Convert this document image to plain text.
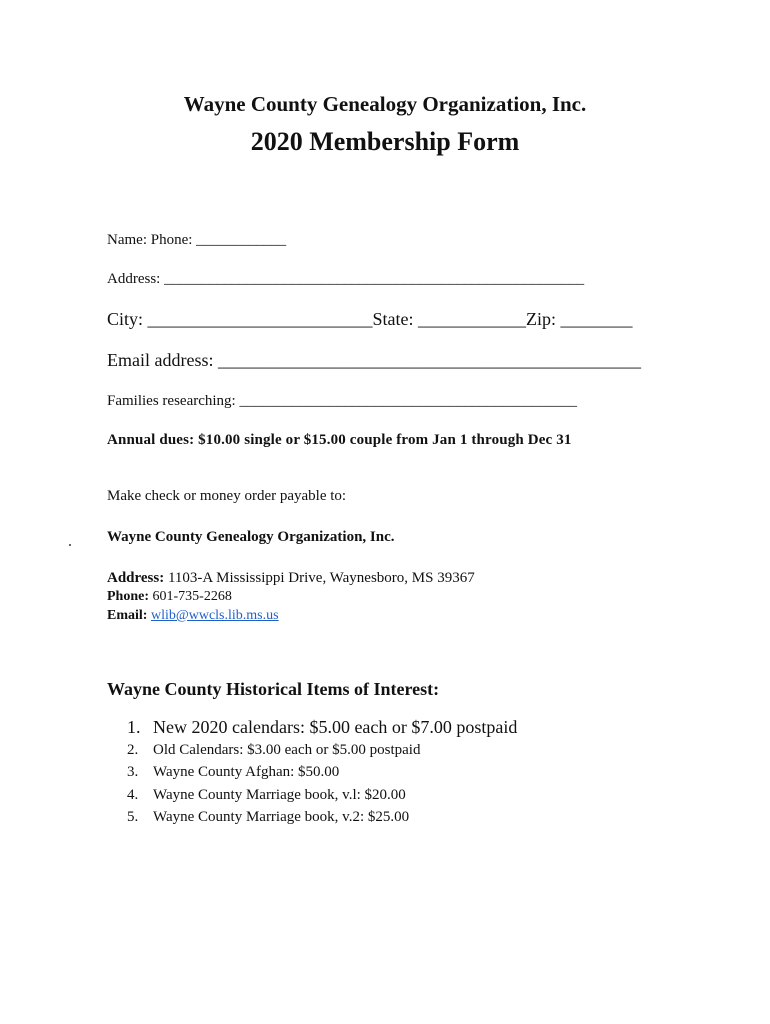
Wayne County Genealogy Organization, Inc.
2020 Membership Form
Name: Phone: ____________
Address: ________________________________________________________
City: _________________________State: ____________Zip: ________
Email address: _______________________________________________
Families researching: _____________________________________________
Annual dues: $10.00 single or $15.00 couple from Jan 1 through Dec 31
Make check or money order payable to:
Wayne County Genealogy Organization, Inc.
Address: 1103-A Mississippi Drive, Waynesboro, MS 39367
Phone: 601-735-2268
Email: wlib@wwcls.lib.ms.us
Wayne County Historical Items of Interest:
1. New 2020 calendars: $5.00 each or $7.00 postpaid
2. Old Calendars: $3.00 each or $5.00 postpaid
3. Wayne County Afghan: $50.00
4. Wayne County Marriage book, v.l: $20.00
5. Wayne County Marriage book, v.2: $25.00
